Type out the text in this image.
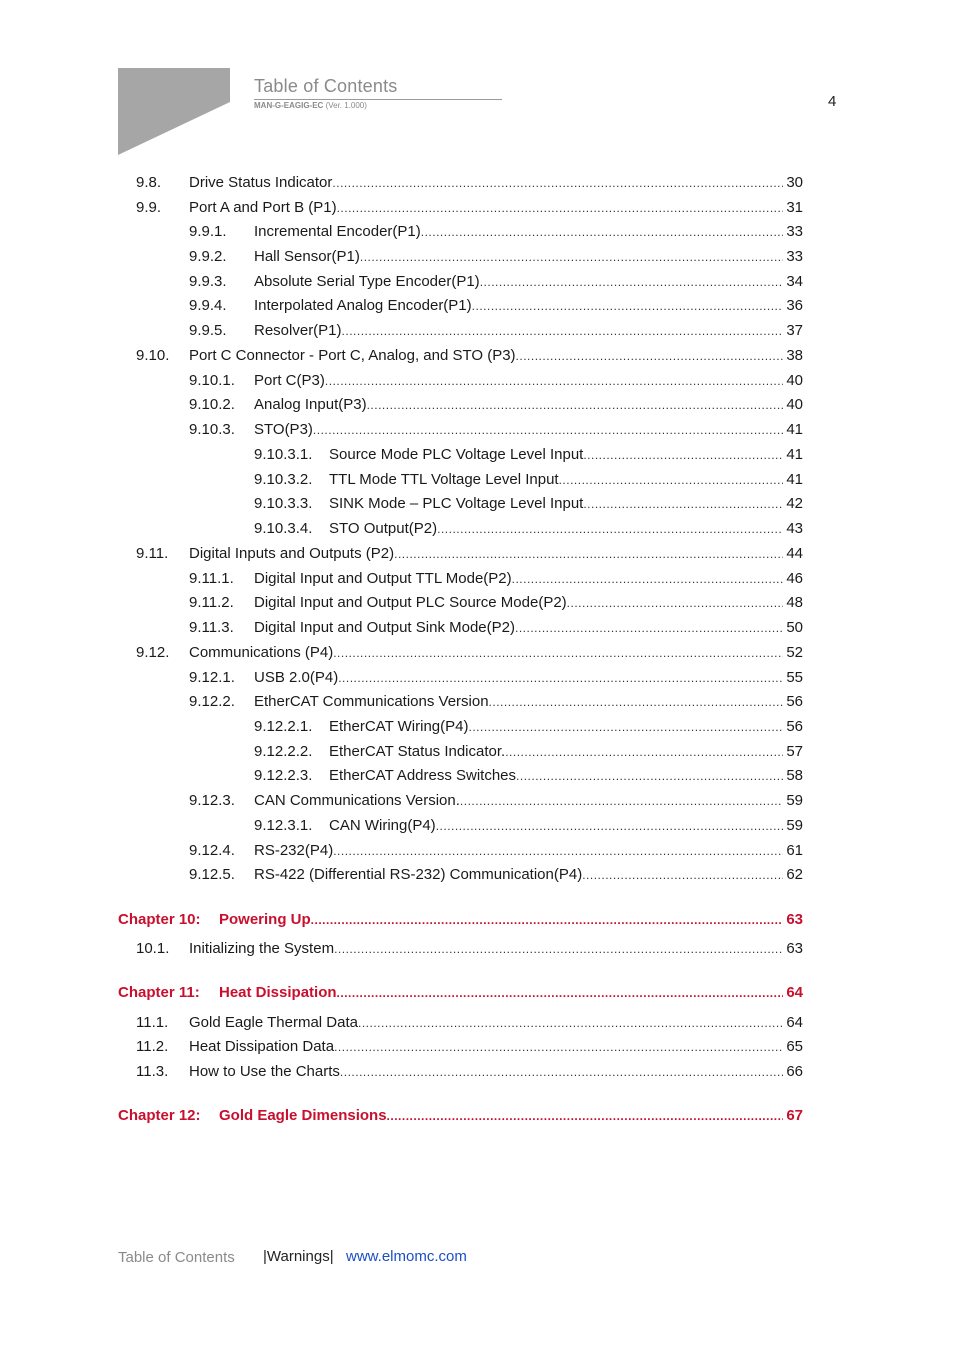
Table of Contents
MAN-G-EAGIG-EC (Ver. 1.000)	4
9.8. Drive Status Indicator .....	30
9.9. Port A and Port B (P1) .....	31
9.9.1. Incremental Encoder(P1) .....	33
9.9.2. Hall Sensor(P1) .....	33
9.9.3. Absolute Serial Type Encoder(P1) .....	34
9.9.4. Interpolated Analog Encoder(P1) .....	36
9.9.5. Resolver(P1) .....	37
9.10. Port C Connector - Port C, Analog, and STO (P3) .....	38
9.10.1. Port C(P3) .....	40
9.10.2. Analog Input(P3) .....	40
9.10.3. STO(P3) .....	41
9.10.3.1. Source Mode PLC Voltage Level Input .....	41
9.10.3.2. TTL Mode TTL Voltage Level Input .....	41
9.10.3.3. SINK Mode – PLC Voltage Level Input .....	42
9.10.3.4. STO Output(P2) .....	43
9.11. Digital Inputs and Outputs (P2) .....	44
9.11.1. Digital Input and Output TTL Mode(P2) .....	46
9.11.2. Digital Input and Output PLC Source Mode(P2) .....	48
9.11.3. Digital Input and Output Sink Mode(P2) .....	50
9.12. Communications (P4) .....	52
9.12.1. USB 2.0(P4) .....	55
9.12.2. EtherCAT Communications Version .....	56
9.12.2.1. EtherCAT Wiring(P4) .....	56
9.12.2.2. EtherCAT Status Indicator. .....	57
9.12.2.3. EtherCAT Address Switches .....	58
9.12.3. CAN Communications Version. .....	59
9.12.3.1. CAN Wiring(P4) .....	59
9.12.4. RS-232(P4) .....	61
9.12.5. RS-422 (Differential RS-232) Communication(P4) .....	62
Chapter 10: Powering Up .....	63
10.1. Initializing the System .....	63
Chapter 11: Heat Dissipation .....	64
11.1. Gold Eagle Thermal Data .....	64
11.2. Heat Dissipation Data .....	65
11.3. How to Use the Charts .....	66
Chapter 12: Gold Eagle Dimensions .....	67
Table of Contents |Warnings| www.elmomc.com
